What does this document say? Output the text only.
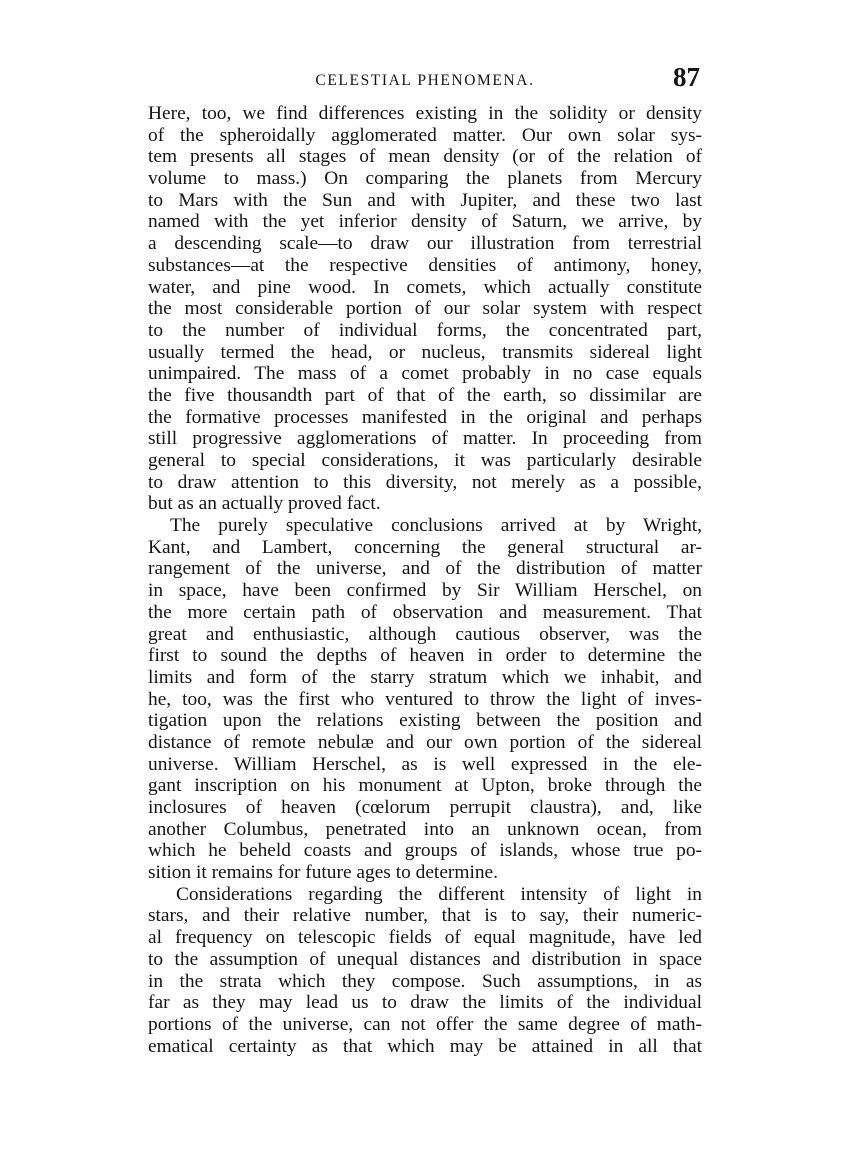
CELESTIAL PHENOMENA.	87
Here, too, we find differences existing in the solidity or density
of the spheroidally agglomerated matter. Our own solar sys-
tem presents all stages of mean density (or of the relation of
volume to mass.) On comparing the planets from Mercury
to Mars with the Sun and with Jupiter, and these two last
named with the yet inferior density of Saturn, we arrive, by
a descending scale—to draw our illustration from terrestrial
substances—at the respective densities of antimony, honey,
water, and pine wood. In comets, which actually constitute
the most considerable portion of our solar system with respect
to the number of individual forms, the concentrated part,
usually termed the head, or nucleus, transmits sidereal light
unimpaired. The mass of a comet probably in no case equals
the five thousandth part of that of the earth, so dissimilar are
the formative processes manifested in the original and perhaps
still progressive agglomerations of matter. In proceeding from
general to special considerations, it was particularly desirable
to draw attention to this diversity, not merely as a possible,
but as an actually proved fact.
The purely speculative conclusions arrived at by Wright,
Kant, and Lambert, concerning the general structural ar-
rangement of the universe, and of the distribution of matter
in space, have been confirmed by Sir William Herschel, on
the more certain path of observation and measurement. That
great and enthusiastic, although cautious observer, was the
first to sound the depths of heaven in order to determine the
limits and form of the starry stratum which we inhabit, and
he, too, was the first who ventured to throw the light of inves-
tigation upon the relations existing between the position and
distance of remote nebulæ and our own portion of the sidereal
universe. William Herschel, as is well expressed in the ele-
gant inscription on his monument at Upton, broke through the
inclosures of heaven (cœlorum perrupit claustra), and, like
another Columbus, penetrated into an unknown ocean, from
which he beheld coasts and groups of islands, whose true po-
sition it remains for future ages to determine.
Considerations regarding the different intensity of light in
stars, and their relative number, that is to say, their numeric-
al frequency on telescopic fields of equal magnitude, have led
to the assumption of unequal distances and distribution in space
in the strata which they compose. Such assumptions, in as
far as they may lead us to draw the limits of the individual
portions of the universe, can not offer the same degree of math-
ematical certainty as that which may be attained in all that
